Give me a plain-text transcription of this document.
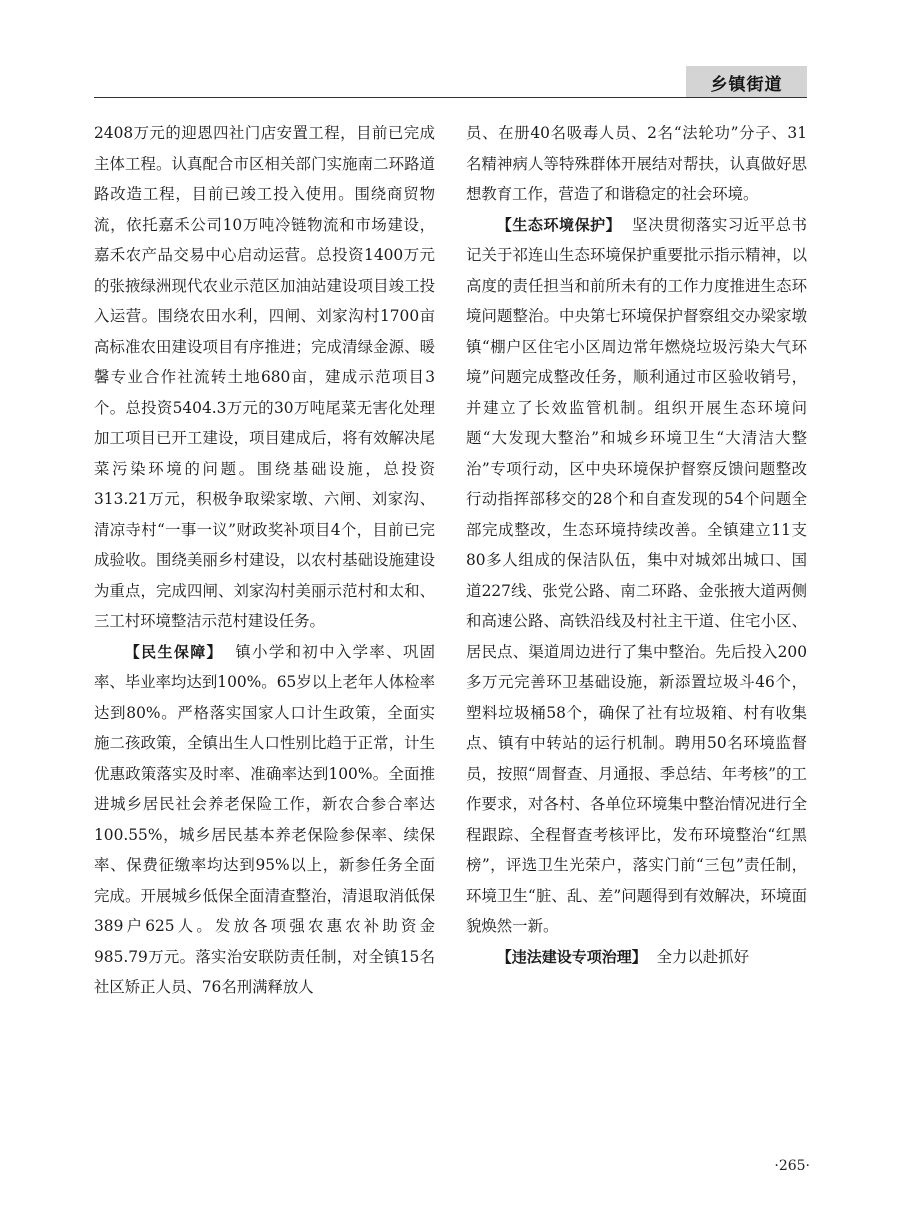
乡镇街道

2408万元的迎恩四社门店安置工程，目前已完成主体工程。认真配合市区相关部门实施南二环路道路改造工程，目前已竣工投入使用。围绕商贸物流，依托嘉禾公司10万吨冷链物流和市场建设，嘉禾农产品交易中心启动运营。总投资1400万元的张掖绿洲现代农业示范区加油站建设项目竣工投入运营。围绕农田水利，四闸、刘家沟村1700亩高标准农田建设项目有序推进；完成清绿金源、暖馨专业合作社流转土地680亩，建成示范项目3个。总投资5404.3万元的30万吨尾菜无害化处理加工项目已开工建设，项目建成后，将有效解决尾菜污染环境的问题。围绕基础设施，总投资313.21万元，积极争取梁家墩、六闸、刘家沟、清凉寺村“一事一议”财政奖补项目4个，目前已完成验收。围绕美丽乡村建设，以农村基础设施建设为重点，完成四闸、刘家沟村美丽示范村和太和、三工村环境整洁示范村建设任务。

【民生保障】 镇小学和初中入学率、巩固率、毕业率均达到100%。65岁以上老年人体检率达到80%。严格落实国家人口计生政策，全面实施二孩政策，全镇出生人口性别比趋于正常，计生优惠政策落实及时率、准确率达到100%。全面推进城乡居民社会养老保险工作，新农合参合率达100.55%，城乡居民基本养老保险参保率、续保率、保费征缴率均达到95%以上，新参任务全面完成。开展城乡低保全面清查整治，清退取消低保389户625人。发放各项强农惠农补助资金985.79万元。落实治安联防责任制，对全镇15名社区矫正人员、76名刑满释放人

员、在册40名吸毒人员、2名“法轮功”分子、31名精神病人等特殊群体开展结对帮扶，认真做好思想教育工作，营造了和谐稳定的社会环境。

【生态环境保护】 坚决贯彻落实习近平总书记关于祁连山生态环境保护重要批示指示精神，以高度的责任担当和前所未有的工作力度推进生态环境问题整治。中央第七环境保护督察组交办梁家墩镇“棚户区住宅小区周边常年燃烧垃圾污染大气环境”问题完成整改任务，顺利通过市区验收销号，并建立了长效监管机制。组织开展生态环境问题“大发现大整治”和城乡环境卫生“大清洁大整治”专项行动，区中央环境保护督察反馈问题整改行动指挥部移交的28个和自查发现的54个问题全部完成整改，生态环境持续改善。全镇建立11支80多人组成的保洁队伍，集中对城郊出城口、国道227线、张党公路、南二环路、金张掖大道两侧和高速公路、高铁沿线及村社主干道、住宅小区、居民点、渠道周边进行了集中整治。先后投入200多万元完善环卫基础设施，新添置垃圾斗46个，塑料垃圾桶58个，确保了社有垃圾箱、村有收集点、镇有中转站的运行机制。聘用50名环境监督员，按照“周督查、月通报、季总结、年考核”的工作要求，对各村、各单位环境集中整治情况进行全程跟踪、全程督查考核评比，发布环境整治“红黑榜”，评选卫生光荣户，落实门前“三包”责任制，环境卫生“脏、乱、差”问题得到有效解决，环境面貌焕然一新。

【违法建设专项治理】 全力以赴抓好

·265·
